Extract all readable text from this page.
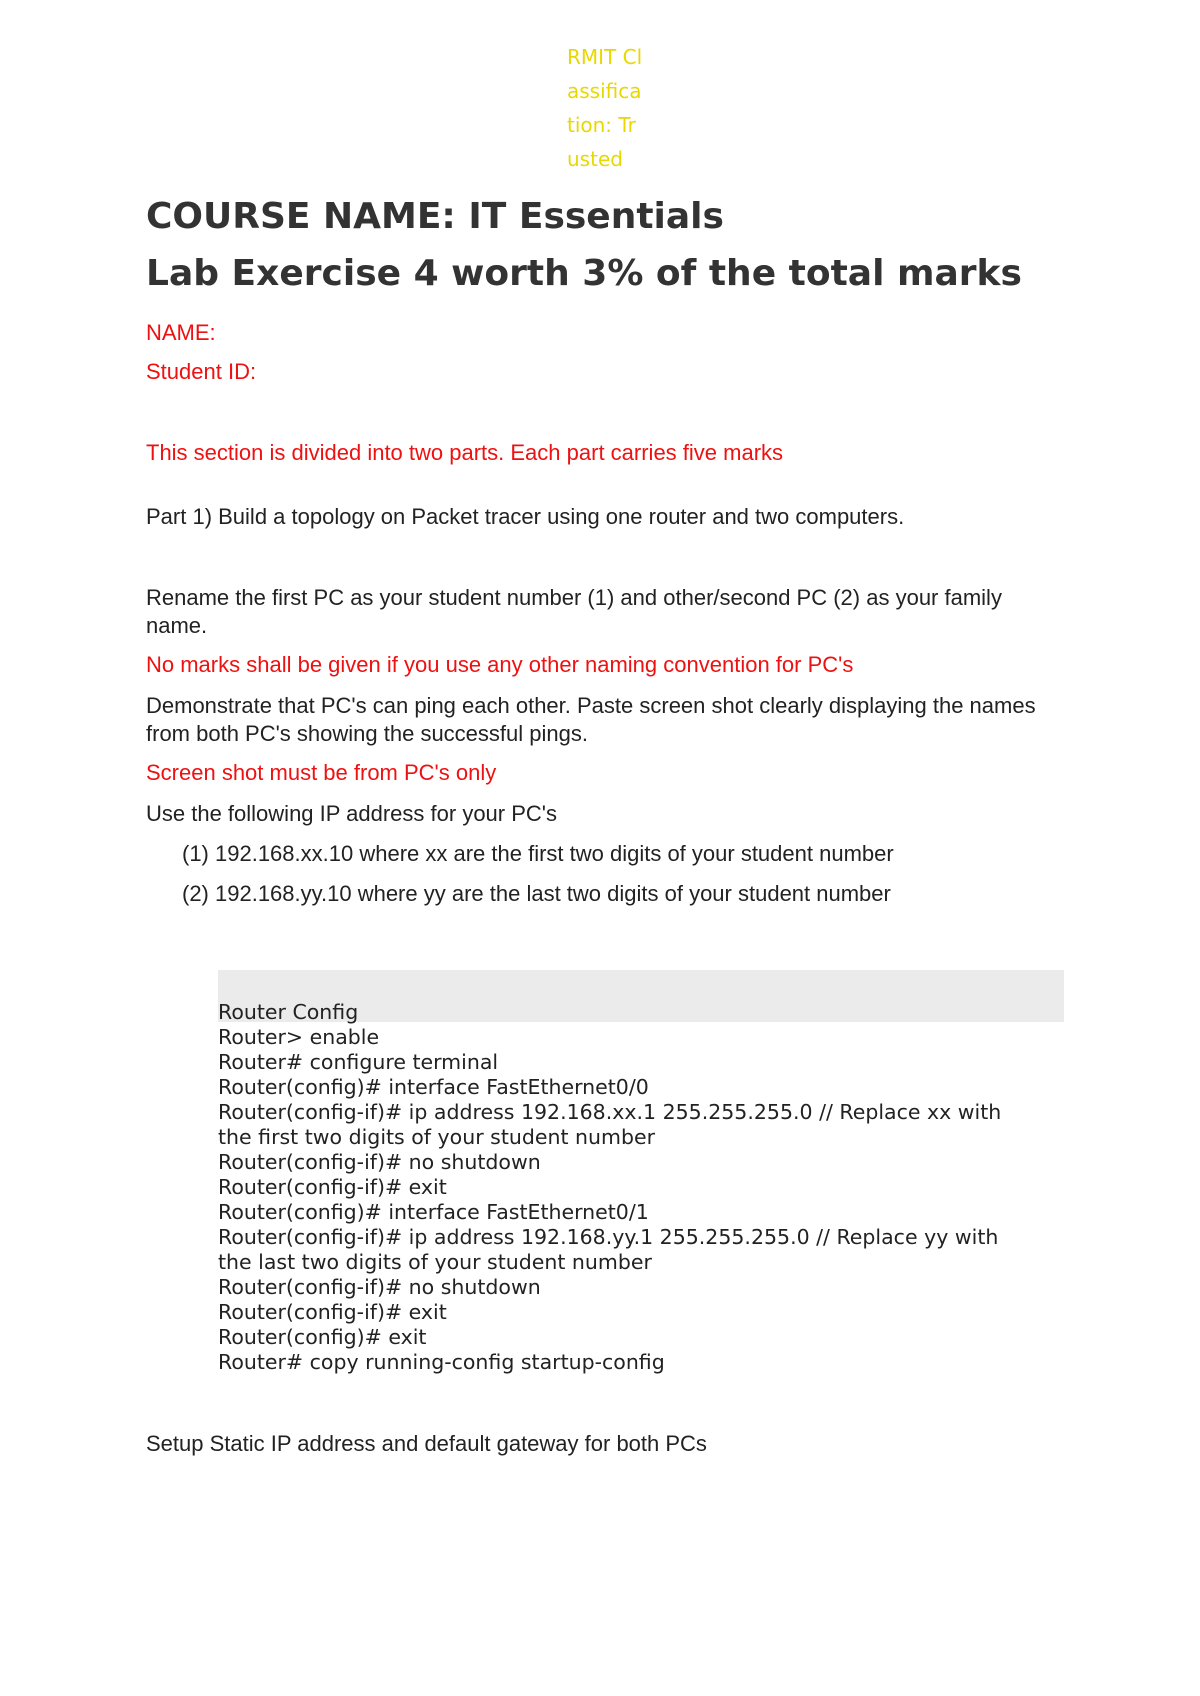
RMIT Classification: Trusted
COURSE NAME: IT Essentials
Lab Exercise 4 worth 3% of the total marks

NAME:

Student ID:

This section is divided into two parts. Each part carries five marks

Part 1) Build a topology on Packet tracer using one router and two computers.

Rename the first PC as your student number (1) and other/second PC (2) as your family name.

No marks shall be given if you use any other naming convention for PC's

Demonstrate that PC's can ping each other. Paste screen shot clearly displaying the names from both PC's showing the successful pings.

Screen shot must be from PC's only

Use the following IP address for your PC's

(1) 192.168.xx.10 where xx are the first two digits of your student number
(2) 192.168.yy.10 where yy are the last two digits of your student number

Setup Static IP address and default gateway for both PCs

Router Config
Router> enable
Router# configure terminal
Router(config)# interface FastEthernet0/0
Router(config-if)# ip address 192.168.xx.1 255.255.255.0 // Replace xx with
the first two digits of your student number
Router(config-if)# no shutdown
Router(config-if)# exit
Router(config)# interface FastEthernet0/1
Router(config-if)# ip address 192.168.yy.1 255.255.255.0 // Replace yy with
the last two digits of your student number
Router(config-if)# no shutdown
Router(config-if)# exit
Router(config)# exit
Router# copy running-config startup-config
